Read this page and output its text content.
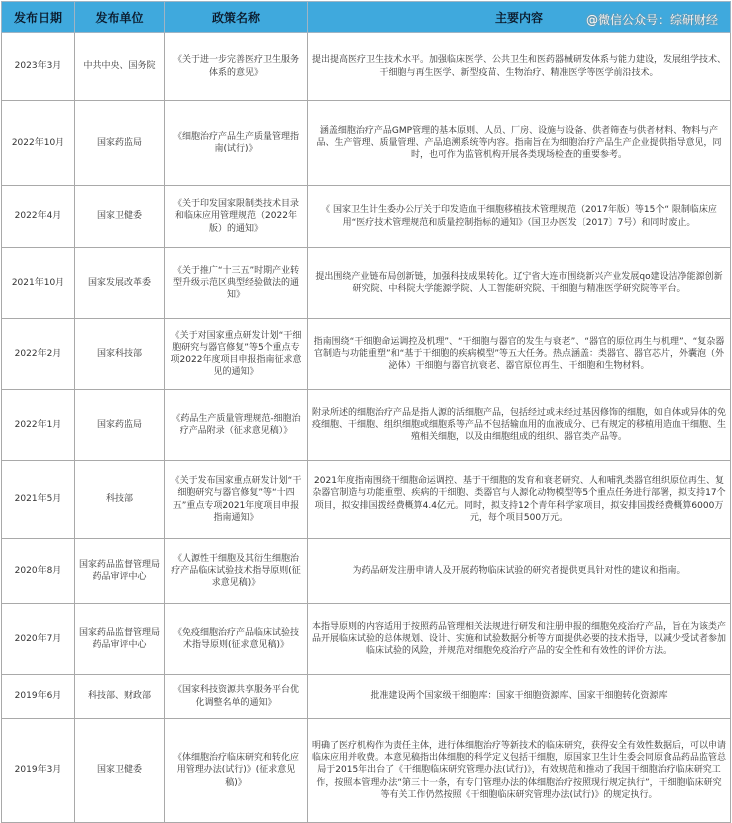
@微信公众号：综研财经
发布日期	发布单位	政策名称	主要内容
2023年3月	中共中央、国务院	《关于进一步完善医疗卫生服务体系的意见》	提出提高医疗卫生技术水平。加强临床医学、公共卫生和医药器械研发体系与能力建设，发展组学技术、干细胞与再生医学、新型疫苗、生物治疗、精准医学等医学前沿技术。
2022年10月	国家药监局	《细胞治疗产品生产质量管理指南(试行)》	涵盖细胞治疗产品GMP管理的基本原则、人员、厂房、设施与设备、供者筛查与供者材料、物料与产品、生产管理、质量管理、产品追溯系统等内容。指南旨在为细胞治疗产品生产企业提供指导意见，同时，也可作为监管机构开展各类现场检查的重要参考。
2022年4月	国家卫健委	《关于印发国家限制类技术目录和临床应用管理规范（2022年版）的通知》	《 国家卫生计生委办公厅关于印发造血干细胞移植技术管理规范（2017年版）等15个“ 限制临床应用“医疗技术管理规范和质量控制指标的通知》（国卫办医发〔2017〕7号）和同时废止。
2021年10月	国家发展改革委	《关于推广“十三五”时期产业转型升级示范区典型经验做法的通知》	提出围绕产业链布局创新链，加强科技成果转化。辽宁省大连市围绕新兴产业发展qo建设洁净能源创新研究院、中科院大学能源学院、人工智能研究院、干细胞与精准医学研究院等平台。
2022年2月	国家科技部	《关于对国家重点研发计划“干细胞研究与器官修复”等5个重点专项2022年度项目申报指南征求意见的通知》	指南围绕“干细胞命运调控及机理”、“干细胞与器官的发生与衰老”、“器官的原位再生与机理”、“复杂器官制造与功能重塑”和“基于干细胞的疾病模型”等五大任务。热点涵盖：类器官、器官芯片，外囊泡（外泌体）干细胞与器官抗衰老、器官原位再生、干细胞和生物材料。
2022年1月	国家药监局	《药品生产质量管理规范-细胞治疗产品附录（征求意见稿）》	附录所述的细胞治疗产品是指人源的活细胞产品，包括经过或未经过基因修饰的细胞，如自体或异体的免疫细胞、干细胞、组织细胞或细胞系等产品不包括输血用的血液成分、已有规定的移植用造血干细胞、生殖相关细胞，以及由细胞组成的组织、器官类产品等。
2021年5月	科技部	《关于发布国家重点研发计划“干细胞研究与器官修复”等“十四五”重点专项2021年度项目申报指南通知》	2021年度指南围绕干细胞命运调控、基于干细胞的发育和衰老研究、人和哺乳类器官组织原位再生、复杂器官制造与功能重塑、疾病的干细胞、类器官与人源化动物模型等5个重点任务进行部署，拟支持17个项目，拟安排国拨经费概算4.4亿元。同时，拟支持12个青年科学家项目，拟安排国拨经费概算6000万元，每个项目500万元。
2020年8月	国家药品监督管理局药品审评中心	《人源性干细胞及其衍生细胞治疗产品临床试验技术指导原则(征求意见稿)》	为药品研发注册申请人及开展药物临床试验的研究者提供更具针对性的建议和指南。
2020年7月	国家药品监督管理局药品审评中心	《免疫细胞治疗产品临床试验技术指导原则(征求意见稿)》	本指导原则的内容适用于按照药品管理相关法规进行研发和注册申报的细胞免疫治疗产品，旨在为该类产品开展临床试验的总体规划、设计、实施和试验数据分析等方面提供必要的技术指导，以减少受试者参加临床试验的风险，并规范对细胞免疫治疗产品的安全性和有效性的评价方法。
2019年6月	科技部、财政部	《国家科技资源共享服务平台优化调整名单的通知》	批准建设两个国家级干细胞库：国家干细胞资源库、国家干细胞转化资源库
2019年3月	国家卫健委	《体细胞治疗临床研究和转化应用管理办法(试行)》(征求意见稿)》	明确了医疗机构作为责任主体，进行体细胞治疗等新技术的临床研究，获得安全有效性数据后，可以申请临床应用并收费。本意见稿指出体细胞的科学定义包括干细胞，原国家卫生计生委会同原食品药品监管总局于2015年出台了《干细胞临床研究管理办法(试行)》，有效规范和推动了我国干细胞治疗临床研究工作，按照本管理办法“第三十一条，有专门管理办法的体细胞治疗按照现行规定执行”，干细胞临床研究等有关工作仍然按照《干细胞临床研究管理办法(试行)》的规定执行。
